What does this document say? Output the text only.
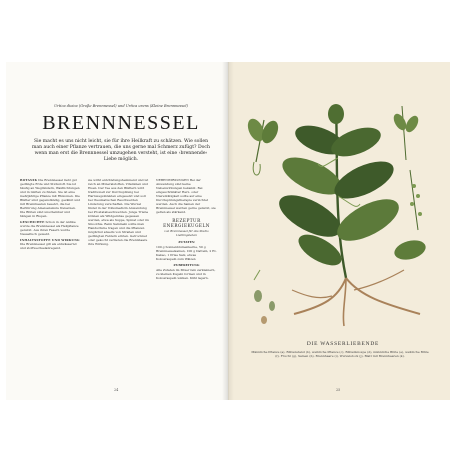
Urtica dioica (Große Brennnessel) und Urtica urens (Kleine Brennnessel)
BRENNNESSEL
Sie macht es uns nicht leicht, sie für ihre Heilkraft zu schätzen. Wie sollen man auch einer Pflanze vertrauen, die uns gerne mal Schmerz zufügt? Doch wenn man erst die Brennnessel umzugehen versteht, ist eine ›brennende‹ Liebe möglich.

BOTANIK Die Brennnessel liebt gut gedüngte Erde und Stickstoff. Sie ist häufig an Wegrändern, Waldlichtungen und in Gärten zu finden. Sie ist eine mehrjährige Pflanze mit Rhizomen. Die Blätter sind gegenständig, gezähnt und mit Brennhaaren besetzt, die bei Berührung Ameisensäure freisetzen. Die Blüten sind unscheinbar und hängen in Rispen.

GESCHICHTE Schon in der Antike wurde die Brennnessel als Heilpflanze genutzt. Aus ihren Fasern wurde Nesseltuch gewebt.

INHALTSSTOFFE UND WIRKUNG Die Brennnessel gilt als entwässernd und stoffwechselanregend.

sie wirkt entzündungshemmend und ist reich an Mineralstoffen, Vitaminen und Eisen. Der Tee aus den Blättern wird traditionell zur Durchspülung bei Harnwegsinfekten eingesetzt und soll bei rheumatischen Beschwerden Linderung verschaffen. Die Wurzel findet in der Volksmedizin Anwendung bei Prostatabeschwerden. Junge Triebe können als Wildgemüse gegessen werden, etwa als Suppe, Spinat oder im Smoothie. Beim Sammeln sollte man Handschuhe tragen und die Pflanzen möglichst abseits von Straßen und gedüngten Feldern ernten. Getrocknet oder gekocht verlieren die Brennhaare ihre Wirkung.

NEBENWIRKUNGEN Bei der Anwendung sind keine Nebenwirkungen bekannt. Bei eingeschränkter Herz- oder Nierentätigkeit sollte auf eine Durchspülungstherapie verzichtet werden. Auch die Samen der Brennnessel werden gerne genutzt, sie gelten als stärkend.

REZEPTUR ENERGIEKUGELN
von Brennnessel für das Studio Lieblingsleben
ZUTATEN

100 g Sonnenblumenkerne, 50 g Brennnesselsamen, 100 g Datteln, 2 EL Kakao, 1 Prise Salz, etwas Kokosraspeln zum Wälzen

ZUBEREITUNG

Alle Zutaten im Mixer fein zerkleinern, zu kleinen Kugeln formen und in Kokosraspeln wälzen. Kühl lagern.

24
DIE WASSERLIEBENDE
Männliche Pflanze (a), Blütenstand (b), weibliche Pflanze (c), Blütenknospe (d), männliche Blüte (e), weibliche Blüte (f), Frucht (g), Samen (h), Brennhaare (i), Wurzelstock (j), Blatt mit Brennhaaren (k).
25
